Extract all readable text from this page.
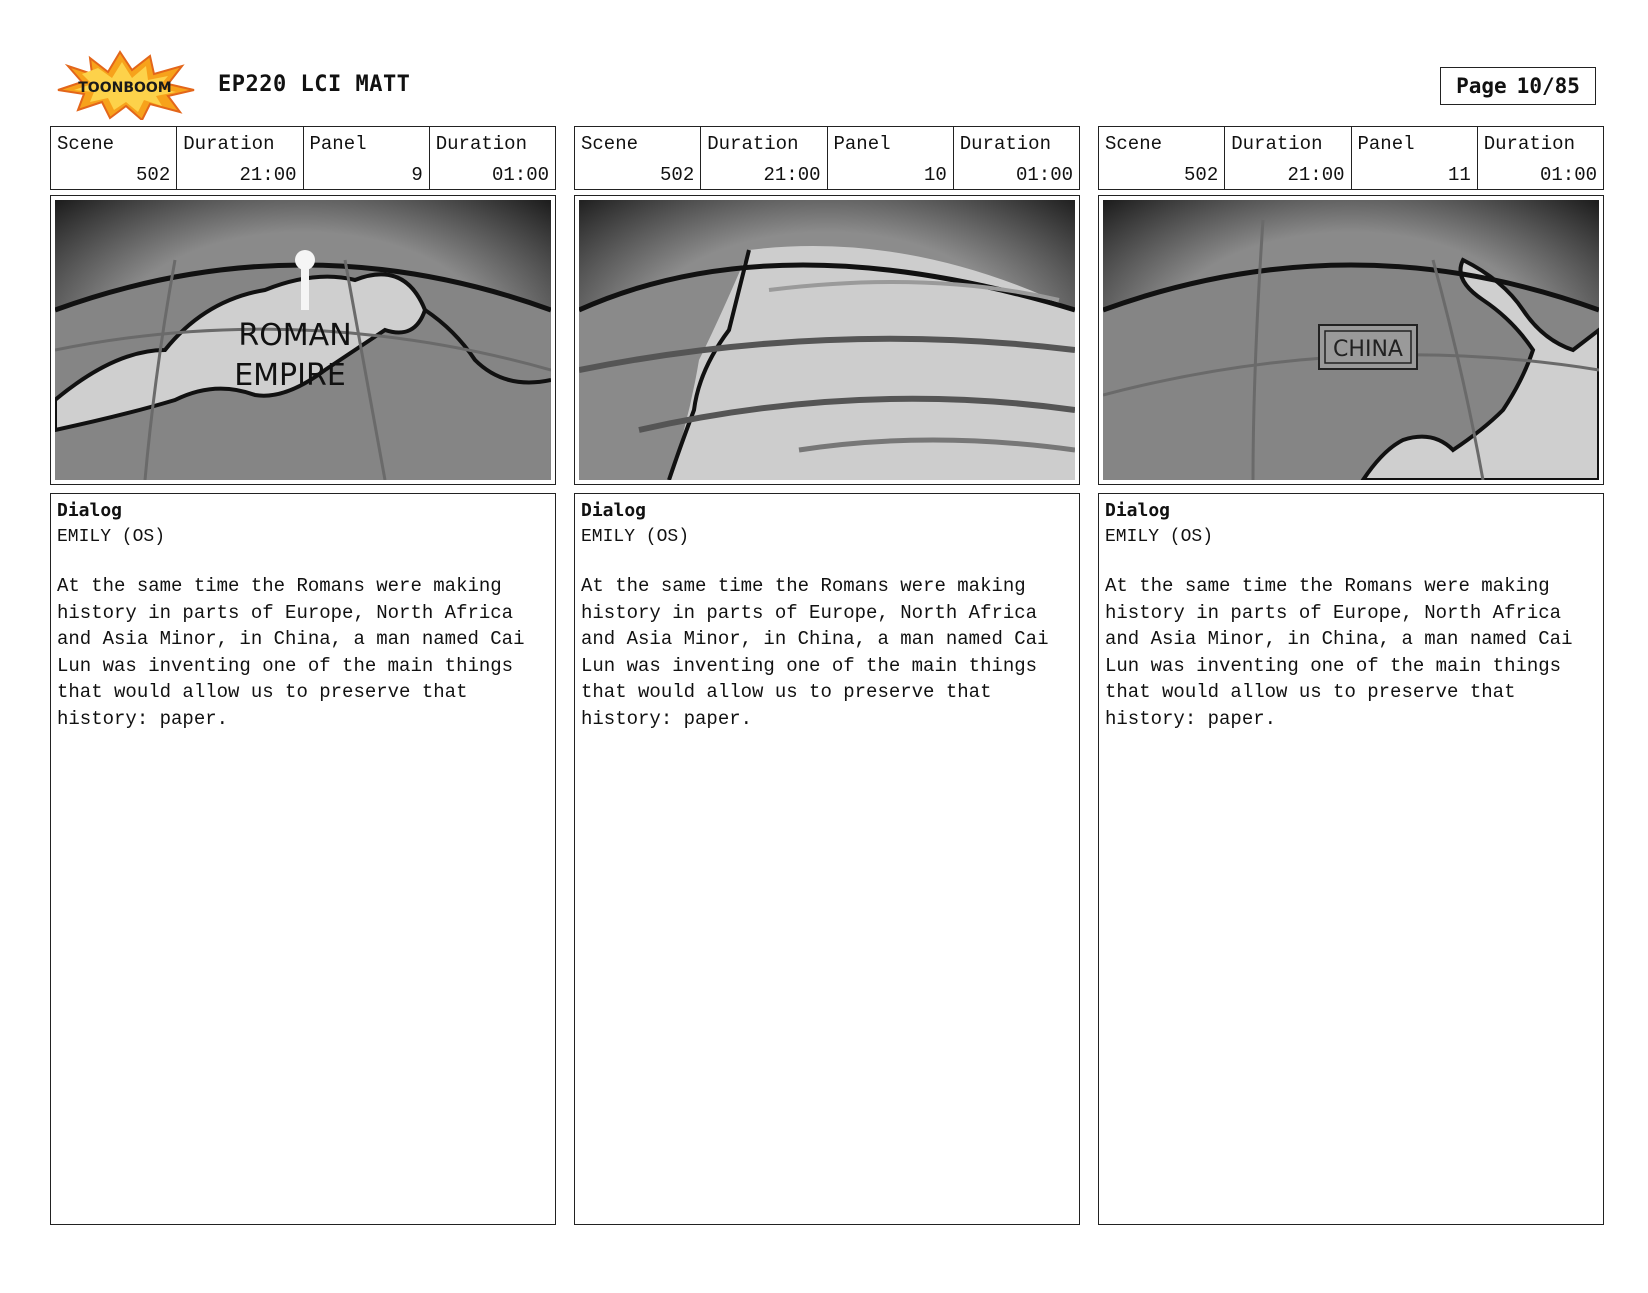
TOONBOOM EP220 LCI MATT	Page 10/85
Scene
502
Duration
21:00
Panel
9
Duration
01:00
ROMAN
EMPIRE
Dialog
EMILY (OS)
At the same time the Romans were making history in parts of Europe, North Africa and Asia Minor, in China, a man named Cai Lun was inventing one of the main things that would allow us to preserve that history: paper.
Scene
502
Duration
21:00
Panel
10
Duration
01:00
Dialog
EMILY (OS)
At the same time the Romans were making history in parts of Europe, North Africa and Asia Minor, in China, a man named Cai Lun was inventing one of the main things that would allow us to preserve that history: paper.
Scene
502
Duration
21:00
Panel
11
Duration
01:00
CHINA
Dialog
EMILY (OS)
At the same time the Romans were making history in parts of Europe, North Africa and Asia Minor, in China, a man named Cai Lun was inventing one of the main things that would allow us to preserve that history: paper.
